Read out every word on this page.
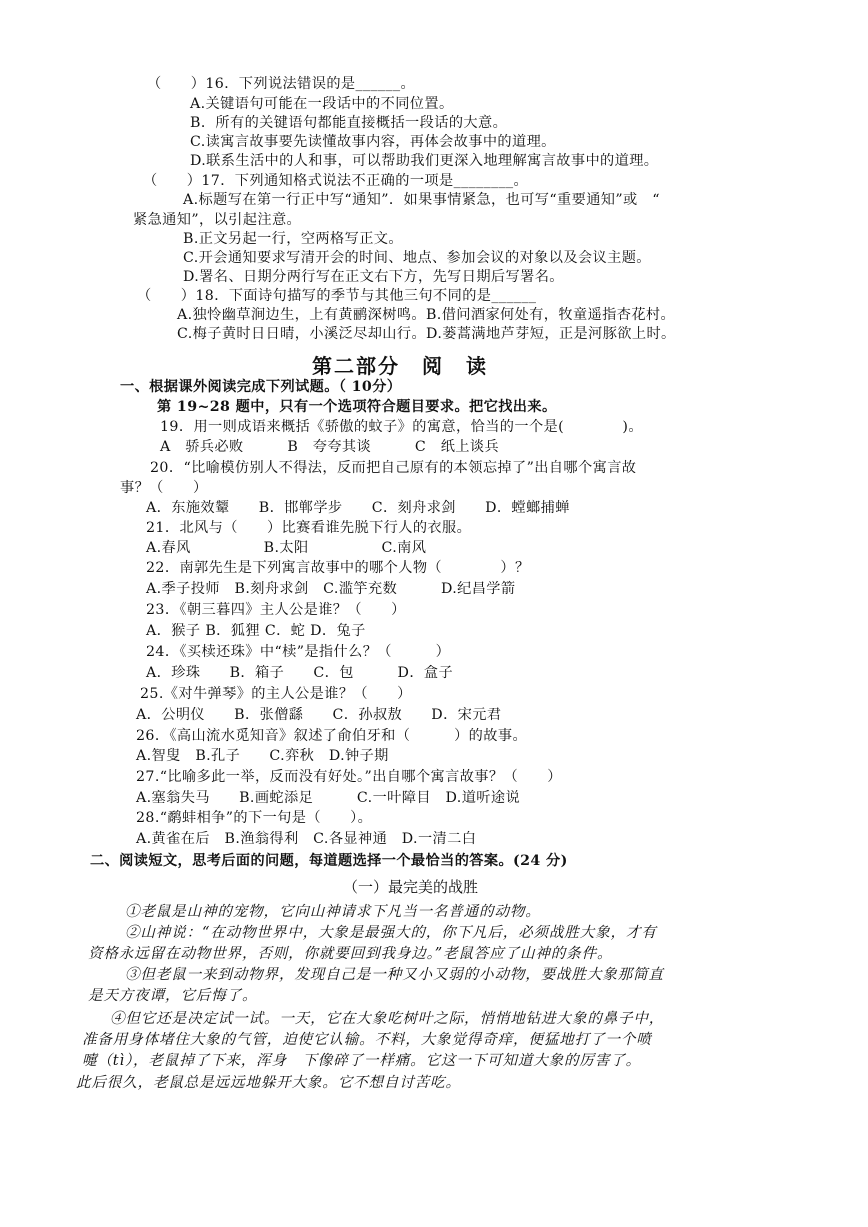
（　　）16．下列说法错误的是______。
A.关键语句可能在一段话中的不同位置。
B．所有的关键语句都能直接概括一段话的大意。
C.读寓言故事要先读懂故事内容，再体会故事中的道理。
D.联系生活中的人和事，可以帮助我们更深入地理解寓言故事中的道理。
（　　）17．下列通知格式说法不正确的一项是________。
A.标题写在第一行正中写“通知”．如果事情紧急，也可写“重要通知”或　“
紧急通知”，以引起注意。
B.正文另起一行，空两格写正文。
C.开会通知要求写清开会的时间、地点、参加会议的对象以及会议主题。
D.署名、日期分两行写在正文右下方，先写日期后写署名。
（　　）18．下面诗句描写的季节与其他三句不同的是______
A.独怜幽草涧边生，上有黄鹂深树鸣。B.借问酒家何处有，牧童遥指杏花村。
C.梅子黄时日日晴，小溪泛尽却山行。D.蒌蒿满地芦芽短，正是河豚欲上时。
第二部分　阅　读
一、根据课外阅读完成下列试题。（ 10分）
第 19~28 题中，只有一个选项符合题目要求。把它找出来。
19．用一则成语来概括《骄傲的蚊子》的寓意，恰当的一个是(　　　　)。
A　骄兵必败　　　B　夸夸其谈　　　C　纸上谈兵
20．“比喻模仿别人不得法，反而把自己原有的本领忘掉了”出自哪个寓言故
事？（　　）
A．东施效颦　　B．邯郸学步　　C．刻舟求剑　　D．螳螂捕蝉
21．北风与（　　）比赛看谁先脱下行人的衣服。
A.春风　　　　　B.太阳　　　　　C.南风
22．南郭先生是下列寓言故事中的哪个人物（　　　　）？
A.季子投师　B.刻舟求剑　C.滥竽充数　　　D.纪昌学箭
23．《朝三暮四》主人公是谁？（　　）
A．猴子 B．狐狸 C．蛇 D．兔子
24．《买椟还珠》中“椟”是指什么？（　　　）
A．珍珠　　B．箱子　　C．包　　　D．盒子
25.《对牛弹琴》的主人公是谁？（　　）
A．公明仪　　B．张僧繇　　C．孙叔敖　　D．宋元君
26．《高山流水觅知音》叙述了俞伯牙和（　　　）的故事。
A.智叟　B.孔子　　C.弈秋　D.钟子期
27.“比喻多此一举，反而没有好处。”出自哪个寓言故事？（　　）
A.塞翁失马　　B.画蛇添足　　　C.一叶障目　D.道听途说
28.“鹬蚌相争”的下一句是（　　）。
A.黄雀在后　B.渔翁得利　C.各显神通　D.一清二白
二、阅读短文，思考后面的问题，每道题选择一个最恰当的答案。(24 分)
（一）最完美的战胜
①老鼠是山神的宠物，它向山神请求下凡当一名普通的动物。
②山神说：“在动物世界中，大象是最强大的，你下凡后，必须战胜大象，才有
资格永远留在动物世界，否则，你就要回到我身边。”老鼠答应了山神的条件。
③但老鼠一来到动物界，发现自己是一种又小又弱的小动物，要战胜大象那简直
是天方夜谭，它后悔了。
④但它还是决定试一试。一天，它在大象吃树叶之际，悄悄地钻进大象的鼻子中，
准备用身体堵住大象的气管，迫使它认输。不料，大象觉得奇痒，便猛地打了一个喷
嚏（tì），老鼠掉了下来，浑身　下像碎了一样痛。它这一下可知道大象的厉害了。
此后很久，老鼠总是远远地躲开大象。它不想自讨苦吃。
